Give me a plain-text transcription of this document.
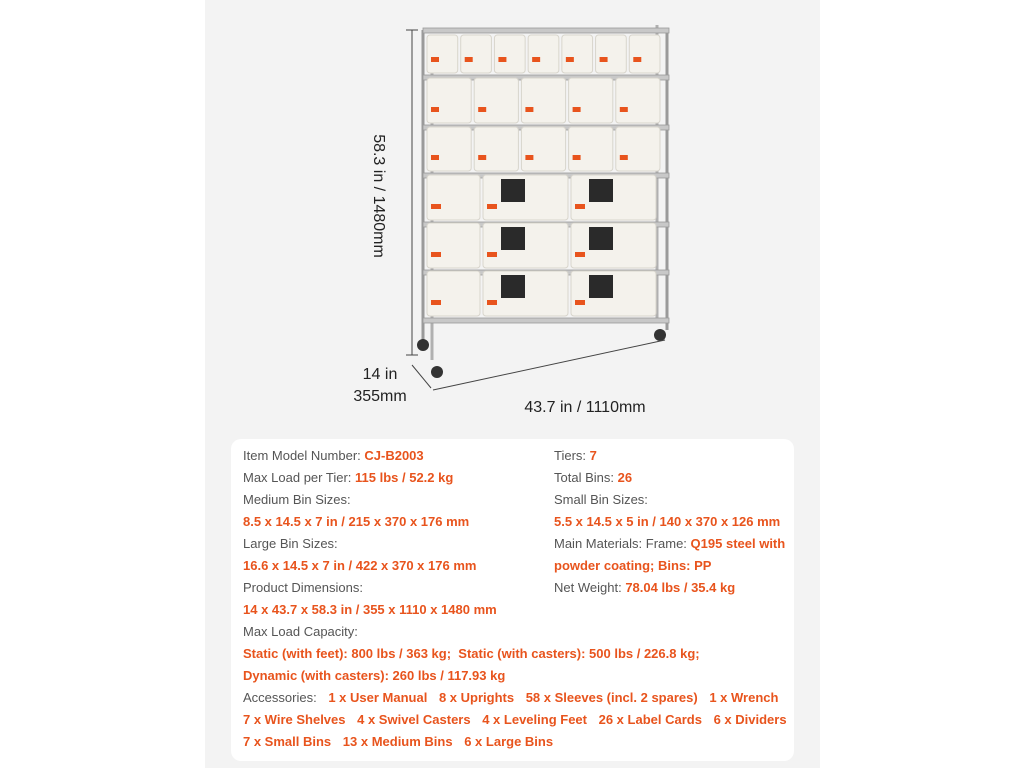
58.3 in / 1480mm
14 in
355mm
43.7 in / 1110mm
Item Model Number: CJ-B2003
Max Load per Tier: 115 lbs / 52.2 kg
Medium Bin Sizes:
8.5 x 14.5 x 7 in / 215 x 370 x 176 mm
Large Bin Sizes:
16.6 x 14.5 x 7 in / 422 x 370 x 176 mm
Product Dimensions:
14 x 43.7 x 58.3 in / 355 x 1110 x 1480 mm
Max Load Capacity:
Static (with feet): 800 lbs / 363 kg;  Static (with casters): 500 lbs / 226.8 kg;
Dynamic (with casters): 260 lbs / 117.93 kg
Tiers: 7
Total Bins: 26
Small Bin Sizes:
5.5 x 14.5 x 5 in / 140 x 370 x 126 mm
Main Materials: Frame: Q195 steel with
powder coating; Bins: PP
Net Weight: 78.04 lbs / 35.4 kg
Accessories: 1 x User Manual 8 x Uprights 58 x Sleeves (incl. 2 spares) 1 x Wrench
7 x Wire Shelves 4 x Swivel Casters 4 x Leveling Feet 26 x Label Cards 6 x Dividers
7 x Small Bins 13 x Medium Bins 6 x Large Bins
